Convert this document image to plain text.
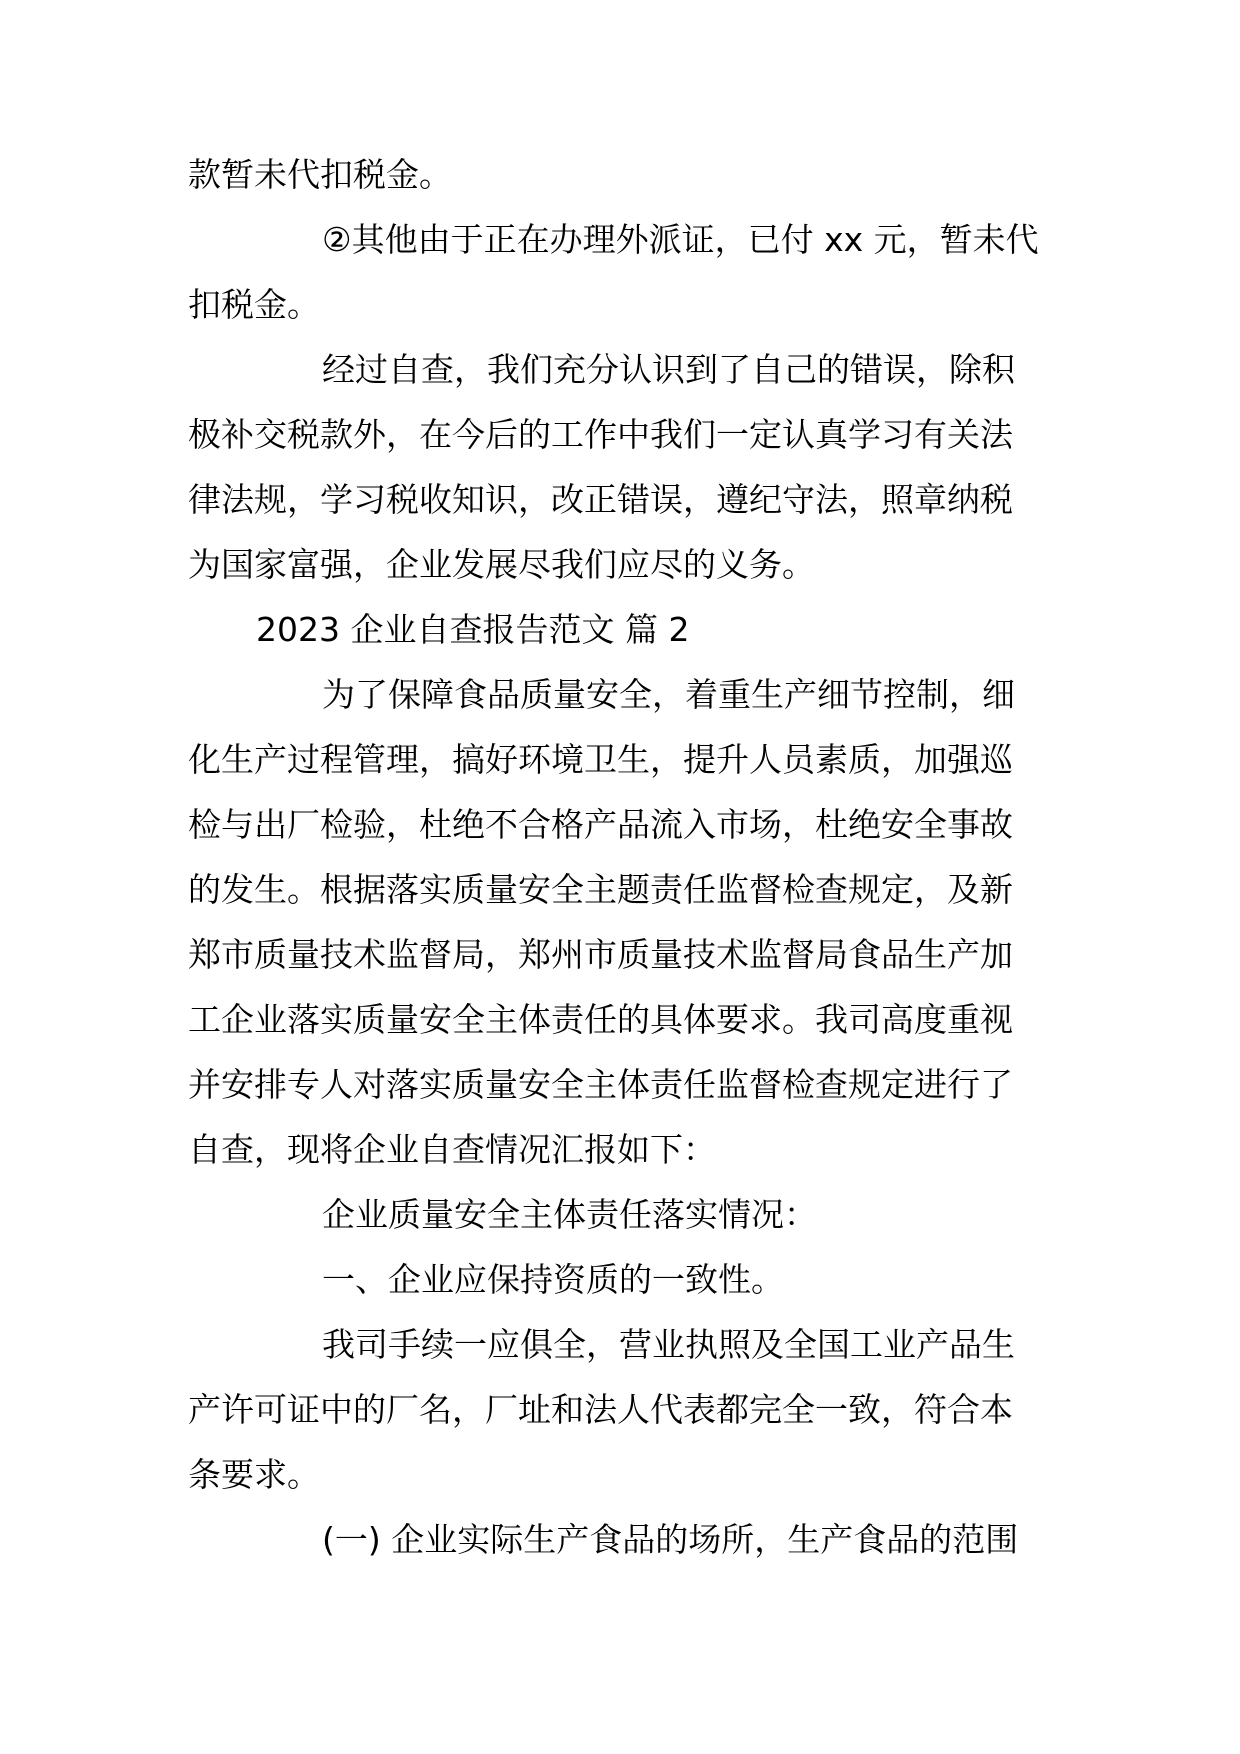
款暂未代扣税金。
②其他由于正在办理外派证，已付 xx 元，暂未代
扣税金。
经过自查，我们充分认识到了自己的错误，除积
极补交税款外，在今后的工作中我们一定认真学习有关法
律法规，学习税收知识，改正错误，遵纪守法，照章纳税
为国家富强，企业发展尽我们应尽的义务。
2023 企业自查报告范文 篇 2
为了保障食品质量安全，着重生产细节控制，细
化生产过程管理，搞好环境卫生，提升人员素质，加强巡
检与出厂检验，杜绝不合格产品流入市场，杜绝安全事故
的发生。根据落实质量安全主题责任监督检查规定，及新
郑市质量技术监督局，郑州市质量技术监督局食品生产加
工企业落实质量安全主体责任的具体要求。我司高度重视
并安排专人对落实质量安全主体责任监督检查规定进行了
自查，现将企业自查情况汇报如下：
企业质量安全主体责任落实情况：
一、企业应保持资质的一致性。
我司手续一应俱全，营业执照及全国工业产品生
产许可证中的厂名，厂址和法人代表都完全一致，符合本
条要求。
(一) 企业实际生产食品的场所，生产食品的范围
